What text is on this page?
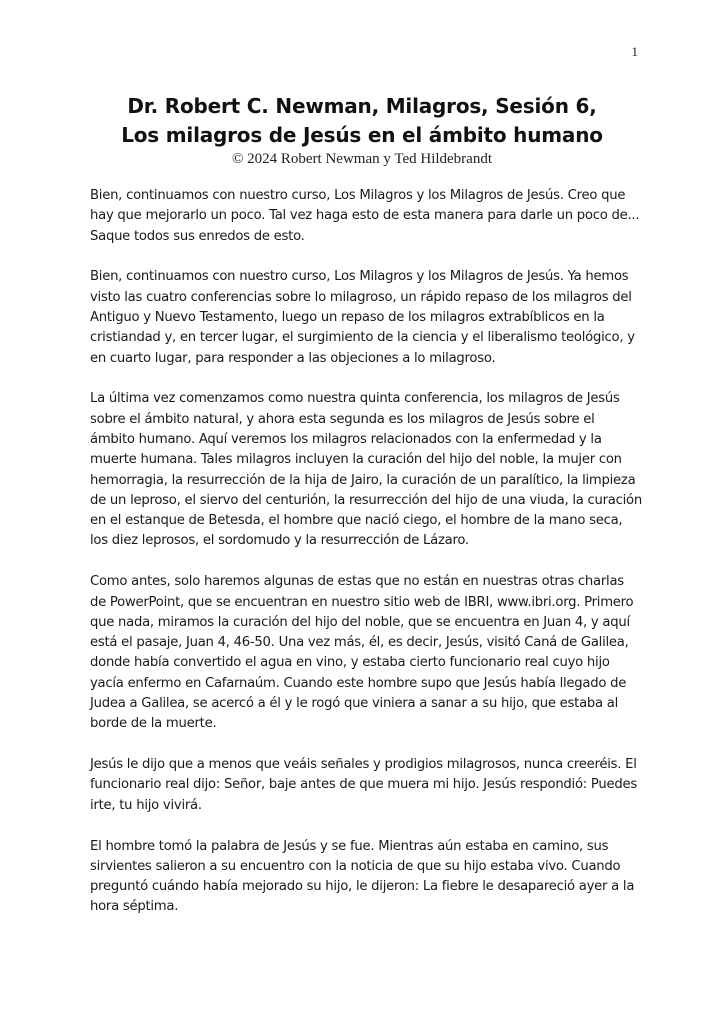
1
Dr. Robert C. Newman, Milagros, Sesión 6,
Los milagros de Jesús en el ámbito humano

© 2024 Robert Newman y Ted Hildebrandt

Bien, continuamos con nuestro curso, Los Milagros y los Milagros de Jesús. Creo que hay que mejorarlo un poco. Tal vez haga esto de esta manera para darle un poco de... Saque todos sus enredos de esto.

Bien, continuamos con nuestro curso, Los Milagros y los Milagros de Jesús. Ya hemos visto las cuatro conferencias sobre lo milagroso, un rápido repaso de los milagros del Antiguo y Nuevo Testamento, luego un repaso de los milagros extrabíblicos en la cristiandad y, en tercer lugar, el surgimiento de la ciencia y el liberalismo teológico, y en cuarto lugar, para responder a las objeciones a lo milagroso.

La última vez comenzamos como nuestra quinta conferencia, los milagros de Jesús sobre el ámbito natural, y ahora esta segunda es los milagros de Jesús sobre el ámbito humano. Aquí veremos los milagros relacionados con la enfermedad y la muerte humana. Tales milagros incluyen la curación del hijo del noble, la mujer con hemorragia, la resurrección de la hija de Jairo, la curación de un paralítico, la limpieza de un leproso, el siervo del centurión, la resurrección del hijo de una viuda, la curación en el estanque de Betesda, el hombre que nació ciego, el hombre de la mano seca, los diez leprosos, el sordomudo y la resurrección de Lázaro.

Como antes, solo haremos algunas de estas que no están en nuestras otras charlas de PowerPoint, que se encuentran en nuestro sitio web de IBRI, www.ibri.org. Primero que nada, miramos la curación del hijo del noble, que se encuentra en Juan 4, y aquí está el pasaje, Juan 4, 46-50. Una vez más, él, es decir, Jesús, visitó Caná de Galilea, donde había convertido el agua en vino, y estaba cierto funcionario real cuyo hijo yacía enfermo en Cafarnaúm. Cuando este hombre supo que Jesús había llegado de Judea a Galilea, se acercó a él y le rogó que viniera a sanar a su hijo, que estaba al borde de la muerte.

Jesús le dijo que a menos que veáis señales y prodigios milagrosos, nunca creeréis. El funcionario real dijo: Señor, baje antes de que muera mi hijo. Jesús respondió: Puedes irte, tu hijo vivirá.

El hombre tomó la palabra de Jesús y se fue. Mientras aún estaba en camino, sus sirvientes salieron a su encuentro con la noticia de que su hijo estaba vivo. Cuando preguntó cuándo había mejorado su hijo, le dijeron: La fiebre le desapareció ayer a la hora séptima.
